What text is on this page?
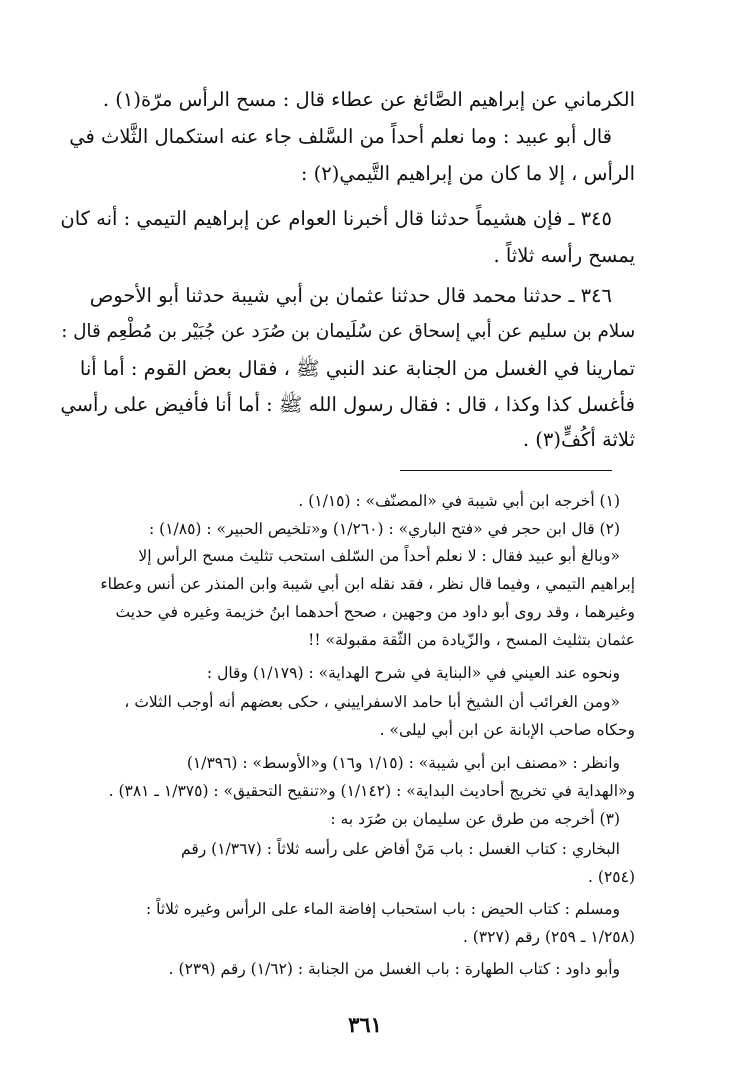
الكرماني عن إبراهيم الصَّائغ عن عطاء قال : مسح الرأس مرّة(١) .
قال أبو عبيد : وما نعلم أحداً من السَّلف جاء عنه استكمال الثَّلاث في
الرأس ، إلا ما كان من إبراهيم التَّيمي(٢) :
٣٤٥ ـ فإن هشيماً حدثنا قال أخبرنا العوام عن إبراهيم التيمي : أنه كان
يمسح رأسه ثلاثاً .
٣٤٦ ـ حدثنا محمد قال حدثنا عثمان بن أبي شيبة حدثنا أبو الأحوص
سلام بن سليم عن أبي إسحاق عن سُلَيمان بن صُرَد عن جُبَيْر بن مُطْعِم قال :
تمارينا في الغسل من الجنابة عند النبي ﷺ ، فقال بعض القوم : أما أنا
فأغسل كذا وكذا ، قال : فقال رسول الله ﷺ : أما أنا فأفيض على رأسي
ثلاثة أكُفٍّ(٣) .
(١) أخرجه ابن أبي شيبة في «المصنّف» : (١/١٥) .
(٢) قال ابن حجر في «فتح الباري» : (١/٢٦٠) و«تلخيص الحبير» : (١/٨٥) :
«وبالغ أبو عبيد فقال : لا نعلم أحداً من السّلف استحب تثليث مسح الرأس إلا
إبراهيم التيمي ، وفيما قال نظر ، فقد نقله ابن أبي شيبة وابن المنذر عن أنس وعطاء
وغيرهما ، وقد روى أبو داود من وجهين ، صحح أحدهما ابنُ خزيمة وغيره في حديث
عثمان بتثليث المسح ، والزّيادة من الثّقة مقبولة» !!
ونحوه عند العيني في «البناية في شرح الهداية» : (١/١٧٩) وقال :
«ومن الغرائب أن الشيخ أبا حامد الاسفراييني ، حكى بعضهم أنه أوجب الثلاث ،
وحكاه صاحب الإبانة عن ابن أبي ليلى» .
وانظر : «مصنف ابن أبي شيبة» : (١/١٥ و١٦) و«الأوسط» : (١/٣٩٦)
و«الهداية في تخريج أحاديث البداية» : (١/١٤٢) و«تنقيح التحقيق» : (١/٣٧٥ ـ ٣٨١) .
(٣) أخرجه من طرق عن سليمان بن صُرَد به :
البخاري : كتاب الغسل : باب مَنْ أفاض على رأسه ثلاثاً : (١/٣٦٧) رقم
(٢٥٤) .
ومسلم : كتاب الحيض : باب استحباب إفاضة الماء على الرأس وغيره ثلاثاً :
(١/٢٥٨ ـ ٢٥٩) رقم (٣٢٧) .
وأبو داود : كتاب الطهارة : باب الغسل من الجنابة : (١/٦٢) رقم (٢٣٩) .
٣٦١
